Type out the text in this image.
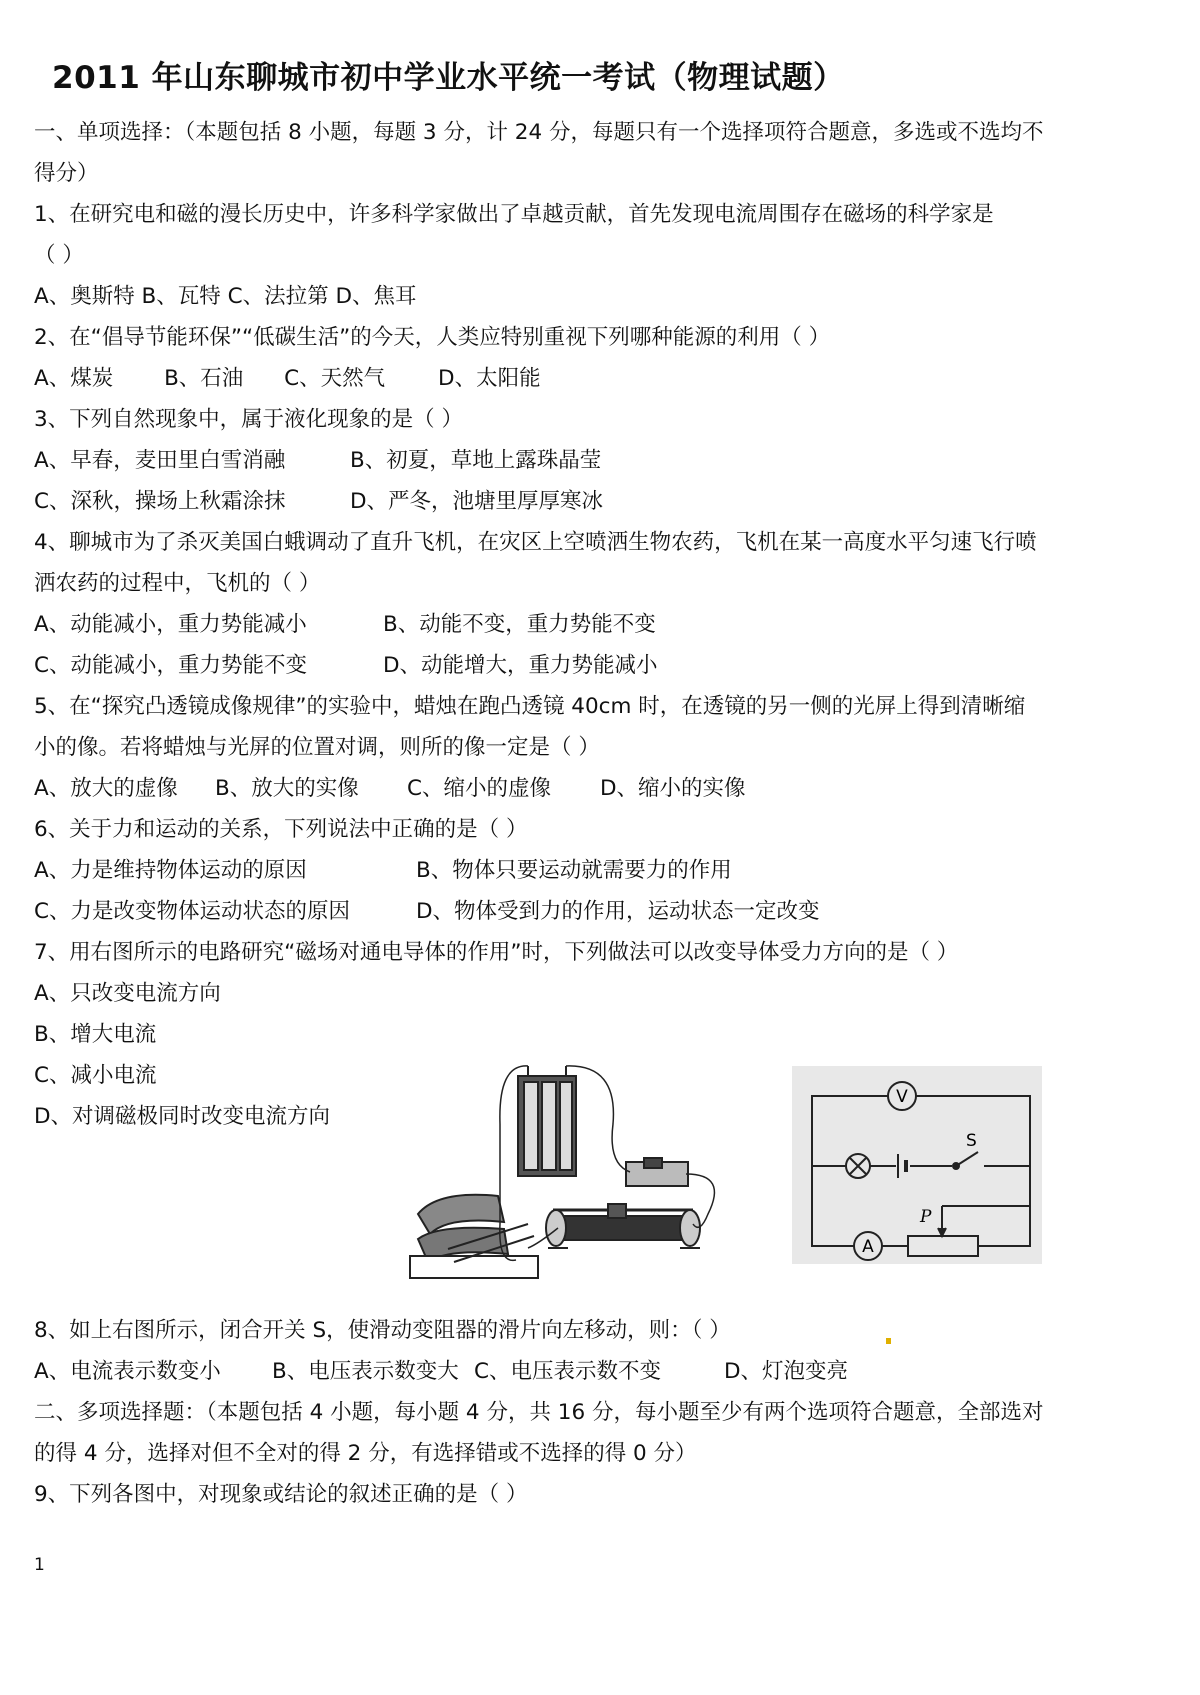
2011 年山东聊城市初中学业水平统一考试（物理试题）
一、单项选择：（本题包括 8 小题，每题 3 分，计 24 分，每题只有一个选择项符合题意，多选或不选均不
得分）
1、在研究电和磁的漫长历史中，许多科学家做出了卓越贡献，首先发现电流周围存在磁场的科学家是
（ ）
A、奥斯特 B、瓦特 C、法拉第 D、焦耳
2、在“倡导节能环保”“低碳生活”的今天，人类应特别重视下列哪种能源的利用（ ）
A、煤炭 B、石油 C、天然气 D、太阳能
3、下列自然现象中，属于液化现象的是（ ）
A、早春，麦田里白雪消融	B、初夏，草地上露珠晶莹
C、深秋，操场上秋霜涂抹	D、严冬，池塘里厚厚寒冰
4、聊城市为了杀灭美国白蛾调动了直升飞机，在灾区上空喷洒生物农药，飞机在某一高度水平匀速飞行喷
洒农药的过程中，飞机的（ ）
A、动能减小，重力势能减小	B、动能不变，重力势能不变
C、动能减小，重力势能不变	D、动能增大，重力势能减小
5、在“探究凸透镜成像规律”的实验中，蜡烛在跑凸透镜 40cm 时，在透镜的另一侧的光屏上得到清晰缩
小的像。若将蜡烛与光屏的位置对调，则所的像一定是（ ）
A、放大的虚像 B、放大的实像 C、缩小的虚像 D、缩小的实像
6、关于力和运动的关系，下列说法中正确的是（ ）
A、力是维持物体运动的原因	B、物体只要运动就需要力的作用
C、力是改变物体运动状态的原因	D、物体受到力的作用，运动状态一定改变
7、用右图所示的电路研究“磁场对通电导体的作用”时，下列做法可以改变导体受力方向的是（ ）
A、只改变电流方向
B、增大电流
C、减小电流
D、对调磁极同时改变电流方向
V
A
S
P
8、如上右图所示，闭合开关 S，使滑动变阻器的滑片向左移动，则：（ ）
A、电流表示数变小 B、电压表示数变大 C、电压表示数不变	D、灯泡变亮
二、多项选择题：（本题包括 4 小题，每小题 4 分，共 16 分，每小题至少有两个选项符合题意，全部选对
的得 4 分，选择对但不全对的得 2 分，有选择错或不选择的得 0 分）
9、下列各图中，对现象或结论的叙述正确的是（ ）
1
